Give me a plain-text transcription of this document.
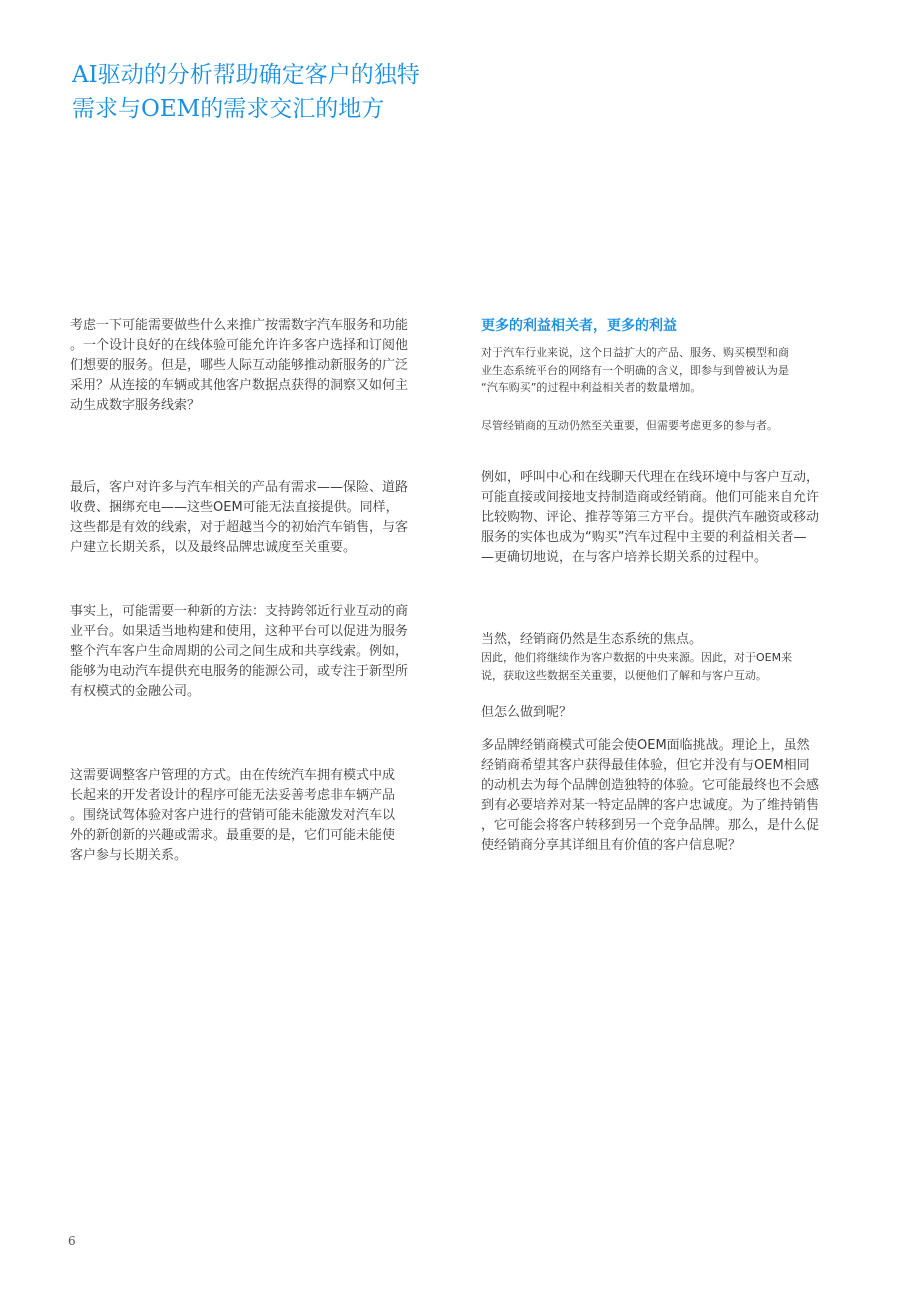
AI驱动的分析帮助确定客户的独特
需求与OEM的需求交汇的地方

考虑一下可能需要做些什么来推广按需数字汽车服务和功能
。一个设计良好的在线体验可能允许许多客户选择和订阅他
们想要的服务。但是，哪些人际互动能够推动新服务的广泛
采用？从连接的车辆或其他客户数据点获得的洞察又如何主
动生成数字服务线索？

最后，客户对许多与汽车相关的产品有需求——保险、道路
收费、捆绑充电——这些OEM可能无法直接提供。同样，
这些都是有效的线索，对于超越当今的初始汽车销售，与客
户建立长期关系，以及最终品牌忠诚度至关重要。

事实上，可能需要一种新的方法：支持跨邻近行业互动的商
业平台。如果适当地构建和使用，这种平台可以促进为服务
整个汽车客户生命周期的公司之间生成和共享线索。例如，
能够为电动汽车提供充电服务的能源公司，或专注于新型所
有权模式的金融公司。

这需要调整客户管理的方式。由在传统汽车拥有模式中成
长起来的开发者设计的程序可能无法妥善考虑非车辆产品
。围绕试驾体验对客户进行的营销可能未能激发对汽车以
外的新创新的兴趣或需求。最重要的是，它们可能未能使
客户参与长期关系。

更多的利益相关者，更多的利益

对于汽车行业来说，这个日益扩大的产品、服务、购买模型和商
业生态系统平台的网络有一个明确的含义，即参与到曾被认为是
“汽车购买”的过程中利益相关者的数量增加。

尽管经销商的互动仍然至关重要，但需要考虑更多的参与者。

例如，呼叫中心和在线聊天代理在在线环境中与客户互动，
可能直接或间接地支持制造商或经销商。他们可能来自允许
比较购物、评论、推荐等第三方平台。提供汽车融资或移动
服务的实体也成为“购买”汽车过程中主要的利益相关者—
—更确切地说，在与客户培养长期关系的过程中。

当然，经销商仍然是生态系统的焦点。

因此，他们将继续作为客户数据的中央来源。因此，对于OEM来
说，获取这些数据至关重要，以便他们了解和与客户互动。

但怎么做到呢？

多品牌经销商模式可能会使OEM面临挑战。理论上，虽然
经销商希望其客户获得最佳体验，但它并没有与OEM相同
的动机去为每个品牌创造独特的体验。它可能最终也不会感
到有必要培养对某一特定品牌的客户忠诚度。为了维持销售
，它可能会将客户转移到另一个竞争品牌。那么，是什么促
使经销商分享其详细且有价值的客户信息呢？

6
